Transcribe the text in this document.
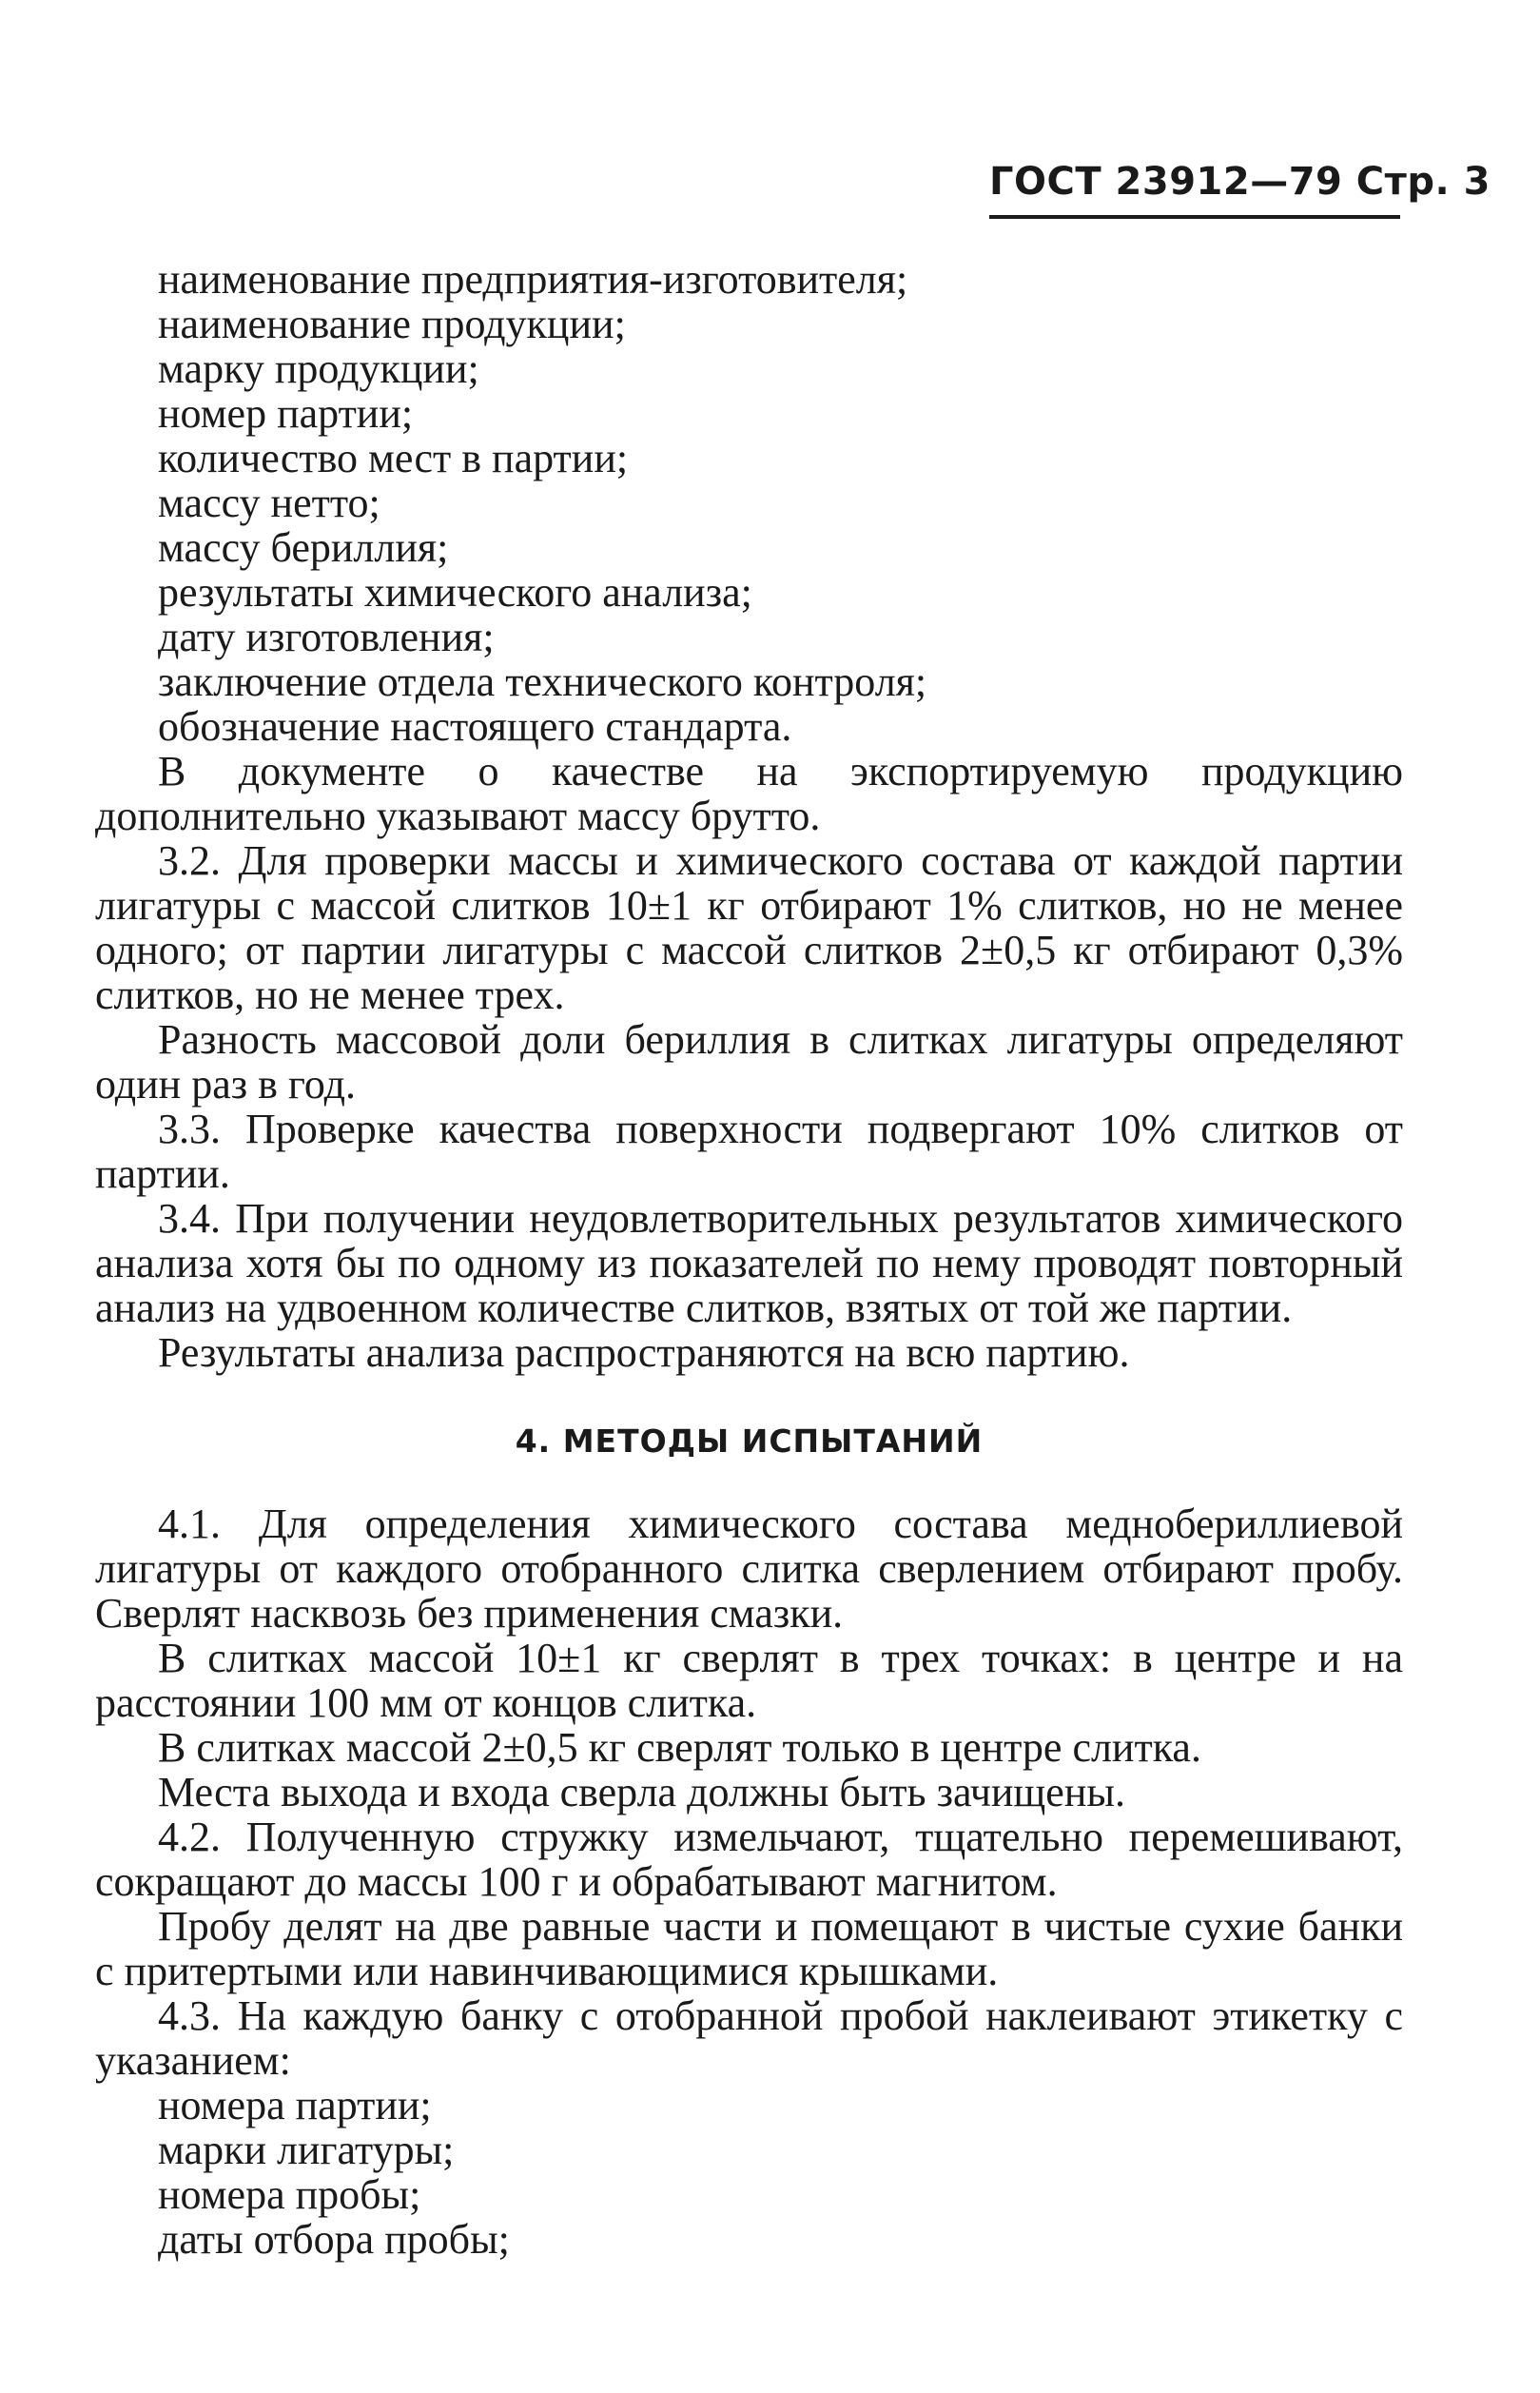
ГОСТ 23912—79 Стр. 3
наименование предприятия-изготовителя;
наименование продукции;
марку продукции;
номер партии;
количество мест в партии;
массу нетто;
массу бериллия;
результаты химического анализа;
дату изготовления;
заключение отдела технического контроля;
обозначение настоящего стандарта.

В документе о качестве на экспортируемую продукцию дополнительно указывают массу брутто.

3.2. Для проверки массы и химического состава от каждой партии лигатуры с массой слитков 10±1 кг отбирают 1% слитков, но не менее одного; от партии лигатуры с массой слитков 2±0,5 кг отбирают 0,3% слитков, но не менее трех.

Разность массовой доли бериллия в слитках лигатуры определяют один раз в год.

3.3. Проверке качества поверхности подвергают 10% слитков от партии.

3.4. При получении неудовлетворительных результатов химического анализа хотя бы по одному из показателей по нему проводят повторный анализ на удвоенном количестве слитков, взятых от той же партии.

Результаты анализа распространяются на всю партию.

4. МЕТОДЫ ИСПЫТАНИЙ

4.1. Для определения химического состава меднобериллиевой лигатуры от каждого отобранного слитка сверлением отбирают пробу. Сверлят насквозь без применения смазки.

В слитках массой 10±1 кг сверлят в трех точках: в центре и на расстоянии 100 мм от концов слитка.

В слитках массой 2±0,5 кг сверлят только в центре слитка.

Места выхода и входа сверла должны быть зачищены.

4.2. Полученную стружку измельчают, тщательно перемешивают, сокращают до массы 100 г и обрабатывают магнитом.

Пробу делят на две равные части и помещают в чистые сухие банки с притертыми или навинчивающимися крышками.

4.3. На каждую банку с отобранной пробой наклеивают этикетку с указанием:

номера партии;
марки лигатуры;
номера пробы;
даты отбора пробы;
